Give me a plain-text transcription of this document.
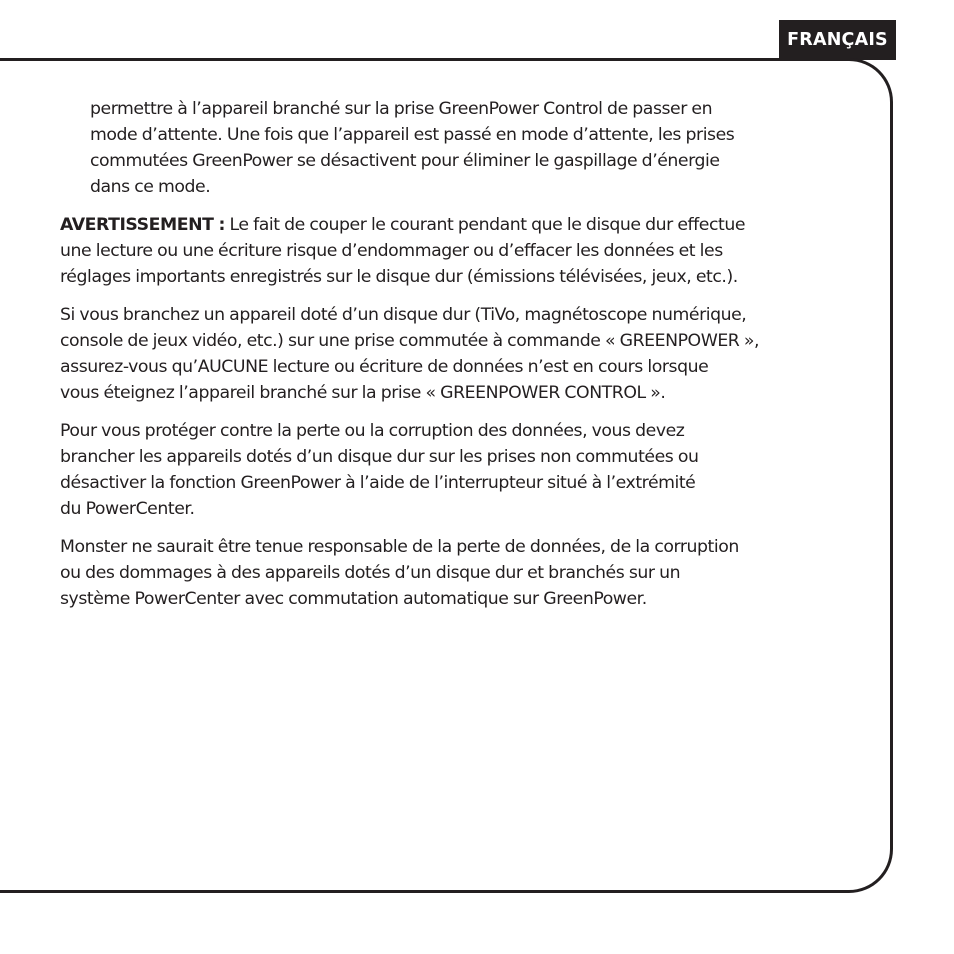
FRANÇAIS

permettre à l’appareil branché sur la prise GreenPower Control de passer en
mode d’attente. Une fois que l’appareil est passé en mode d’attente, les prises
commutées GreenPower se désactivent pour éliminer le gaspillage d’énergie
dans ce mode.

AVERTISSEMENT : Le fait de couper le courant pendant que le disque dur effectue
une lecture ou une écriture risque d’endommager ou d’effacer les données et les
réglages importants enregistrés sur le disque dur (émissions télévisées, jeux, etc.).

Si vous branchez un appareil doté d’un disque dur (TiVo, magnétoscope numérique,
console de jeux vidéo, etc.) sur une prise commutée à commande « GREENPOWER »,
assurez-vous qu’AUCUNE lecture ou écriture de données n’est en cours lorsque
vous éteignez l’appareil branché sur la prise « GREENPOWER CONTROL ».

Pour vous protéger contre la perte ou la corruption des données, vous devez
brancher les appareils dotés d’un disque dur sur les prises non commutées ou
désactiver la fonction GreenPower à l’aide de l’interrupteur situé à l’extrémité
du PowerCenter.

Monster ne saurait être tenue responsable de la perte de données, de la corruption
ou des dommages à des appareils dotés d’un disque dur et branchés sur un
système PowerCenter avec commutation automatique sur GreenPower.
